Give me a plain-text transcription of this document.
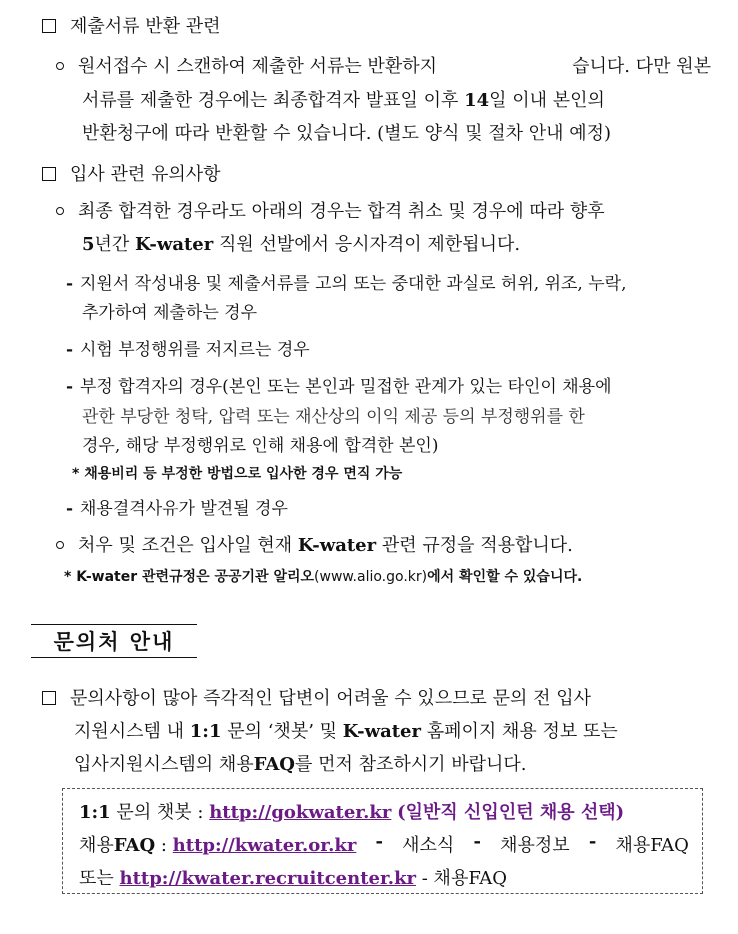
제출서류 반환 관련
원서접수 시 스캔하여 제출한 서류는 반환하지	습니다. 다만 원본
서류를 제출한 경우에는 최종합격자 발표일 이후 14일 이내 본인의
반환청구에 따라 반환할 수 있습니다. (별도 양식 및 절차 안내 예정)
입사 관련 유의사항
최종 합격한 경우라도 아래의 경우는 합격 취소 및 경우에 따라 향후
5년간 K-water 직원 선발에서 응시자격이 제한됩니다.
- 지원서 작성내용 및 제출서류를 고의 또는 중대한 과실로 허위, 위조, 누락,
추가하여 제출하는 경우
- 시험 부정행위를 저지르는 경우
- 부정 합격자의 경우(본인 또는 본인과 밀접한 관계가 있는 타인이 채용에
관한 부당한 청탁, 압력 또는 재산상의 이익 제공 등의 부정행위를 한
경우, 해당 부정행위로 인해 채용에 합격한 본인)
* 채용비리 등 부정한 방법으로 입사한 경우 면직 가능
- 채용결격사유가 발견될 경우
처우 및 조건은 입사일 현재 K-water 관련 규정을 적용합니다.
* K-water 관련규정은 공공기관 알리오(www.alio.go.kr)에서 확인할 수 있습니다.
문의처 안내
문의사항이 많아 즉각적인 답변이 어려울 수 있으므로 문의 전 입사
지원시스템 내 1:1 문의 ‘챗봇’ 및 K-water 홈페이지 채용 정보 또는
입사지원시스템의 채용FAQ를 먼저 참조하시기 바랍니다.
1:1 문의 챗봇 : http://gokwater.kr (일반직 신입인턴 채용 선택)
채용FAQ : http://kwater.or.kr - 새소식 - 채용정보 - 채용FAQ
또는 http://kwater.recruitcenter.kr - 채용FAQ
